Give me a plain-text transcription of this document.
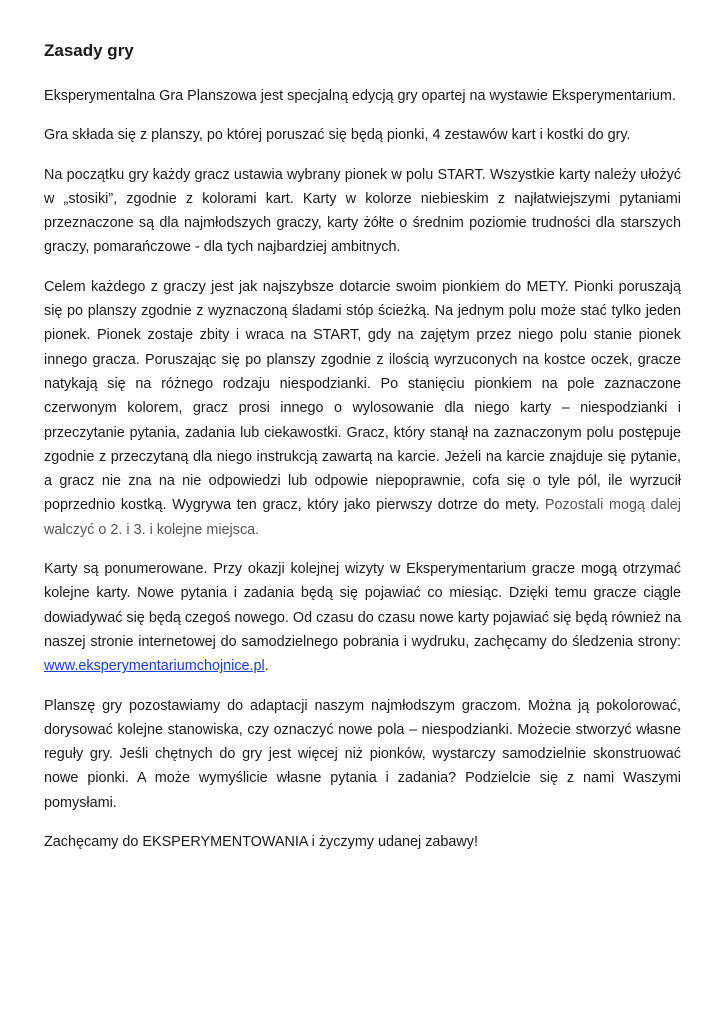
Zasady gry

Eksperymentalna Gra Planszowa jest specjalną edycją gry opartej na wystawie Eksperymentarium.

Gra składa się z planszy, po której poruszać się będą pionki, 4 zestawów kart i kostki do gry.

Na początku gry każdy gracz ustawia wybrany pionek w polu START. Wszystkie karty należy ułożyć w „stosiki”, zgodnie z kolorami kart. Karty w kolorze niebieskim z najłatwiejszymi pytaniami przeznaczone są dla najmłodszych graczy, karty żółte o średnim poziomie trudności dla starszych graczy, pomarańczowe - dla tych najbardziej ambitnych.

Celem każdego z graczy jest jak najszybsze dotarcie swoim pionkiem do METY. Pionki poruszają się po planszy zgodnie z wyznaczoną śladami stóp ścieżką. Na jednym polu może stać tylko jeden pionek. Pionek zostaje zbity i wraca na START, gdy na zajętym przez niego polu stanie pionek innego gracza. Poruszając się po planszy zgodnie z ilością wyrzuconych na kostce oczek, gracze natykają się na różnego rodzaju niespodzianki. Po stanięciu pionkiem na pole zaznaczone czerwonym kolorem, gracz prosi innego o wylosowanie dla niego karty – niespodzianki i przeczytanie pytania, zadania lub ciekawostki. Gracz, który stanął na zaznaczonym polu postępuje zgodnie z przeczytaną dla niego instrukcją zawartą na karcie. Jeżeli na karcie znajduje się pytanie, a gracz nie zna na nie odpowiedzi lub odpowie niepoprawnie, cofa się o tyle pól, ile wyrzucił poprzednio kostką. Wygrywa ten gracz, który jako pierwszy dotrze do mety. Pozostali mogą dalej walczyć o 2. i 3. i kolejne miejsca.

Karty są ponumerowane. Przy okazji kolejnej wizyty w Eksperymentarium gracze mogą otrzymać kolejne karty. Nowe pytania i zadania będą się pojawiać co miesiąc. Dzięki temu gracze ciągle dowiadywać się będą czegoś nowego. Od czasu do czasu nowe karty pojawiać się będą również na naszej stronie internetowej do samodzielnego pobrania i wydruku, zachęcamy do śledzenia strony: www.eksperymentariumchojnice.pl.

Planszę gry pozostawiamy do adaptacji naszym najmłodszym graczom. Można ją pokolorować, dorysować kolejne stanowiska, czy oznaczyć nowe pola – niespodzianki. Możecie stworzyć własne reguły gry. Jeśli chętnych do gry jest więcej niż pionków, wystarczy samodzielnie skonstruować nowe pionki. A może wymyślicie własne pytania i zadania? Podzielcie się z nami Waszymi pomysłami.

Zachęcamy do EKSPERYMENTOWANIA i życzymy udanej zabawy!
